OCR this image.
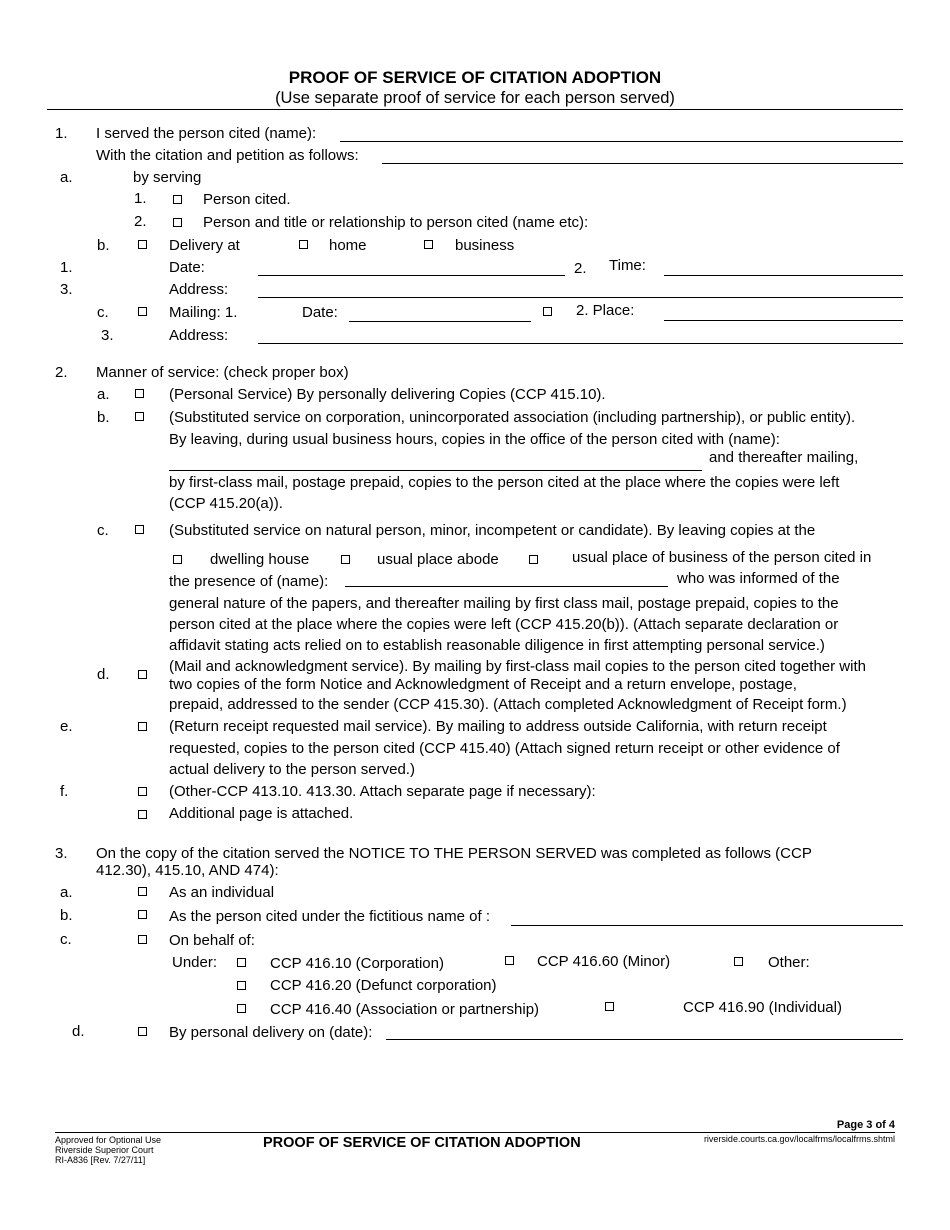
PROOF OF SERVICE OF CITATION ADOPTION
(Use separate proof of service for each person served)
1. I served the person cited (name):
With the citation and petition as follows:
a.	by serving
1.	Person cited.
2.	Person and title or relationship to person cited (name etc):
b.	Delivery at	home	business
1.	Date:	2. Time:
3.	Address:
c.	Mailing: 1.	Date:	2. Place:
3.	Address:
2. Manner of service: (check proper box)
a.	(Personal Service) By personally delivering Copies (CCP 415.10).
b.	(Substituted service on corporation, unincorporated association (including partnership), or public entity).
By leaving, during usual business hours, copies in the office of the person cited with (name):
and thereafter mailing,
by first-class mail, postage prepaid, copies to the person cited at the place where the copies were left
(CCP 415.20(a)).
c.	(Substituted service on natural person, minor, incompetent or candidate). By leaving copies at the
dwelling house	usual place abode	usual place of business of the person cited in
the presence of (name):	who was informed of the
general nature of the papers, and thereafter mailing by first class mail, postage prepaid, copies to the
person cited at the place where the copies were left (CCP 415.20(b)). (Attach separate declaration or
affidavit stating acts relied on to establish reasonable diligence in first attempting personal service.)
d.	(Mail and acknowledgment service). By mailing by first-class mail copies to the person cited together with
two copies of the form Notice and Acknowledgment of Receipt and a return envelope, postage,
prepaid, addressed to the sender (CCP 415.30). (Attach completed Acknowledgment of Receipt form.)
e.	(Return receipt requested mail service). By mailing to address outside California, with return receipt
requested, copies to the person cited (CCP 415.40) (Attach signed return receipt or other evidence of
actual delivery to the person served.)
f.	(Other-CCP 413.10. 413.30. Attach separate page if necessary):
Additional page is attached.
3. On the copy of the citation served the NOTICE TO THE PERSON SERVED was completed as follows (CCP
412.30), 415.10, AND 474):
a.	As an individual
b.	As the person cited under the fictitious name of :
c.	On behalf of:
Under:	CCP 416.10 (Corporation)	CCP 416.60 (Minor)	Other:
CCP 416.20 (Defunct corporation)
CCP 416.40 (Association or partnership)	CCP 416.90 (Individual)
d.	By personal delivery on (date):
Page 3 of 4
Approved for Optional Use
Riverside Superior Court
RI-A836 [Rev. 7/27/11]
PROOF OF SERVICE OF CITATION ADOPTION	riverside.courts.ca.gov/localfrms/localfrms.shtml
